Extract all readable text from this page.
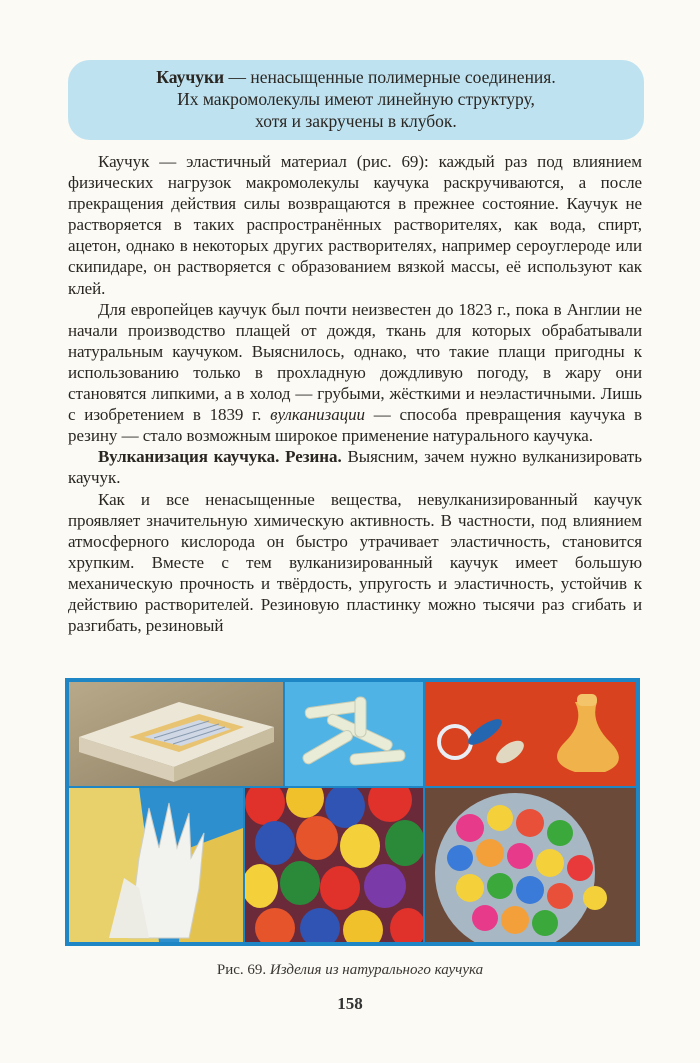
Каучуки — ненасыщенные полимерные соединения.
Их макромолекулы имеют линейную структуру,
хотя и закручены в клубок.

Каучук — эластичный материал (рис. 69): каждый раз под влиянием физических нагрузок макромолекулы каучука раскручиваются, а после прекращения действия силы возвращаются в прежнее состояние. Каучук не растворяется в таких распространённых растворителях, как вода, спирт, ацетон, однако в некоторых других растворителях, например сероуглероде или скипидаре, он растворяется с образованием вязкой массы, её используют как клей.

Для европейцев каучук был почти неизвестен до 1823 г., пока в Англии не начали производство плащей от дождя, ткань для которых обрабатывали натуральным каучуком. Выяснилось, однако, что такие плащи пригодны к использованию только в прохладную дождливую погоду, в жару они становятся липкими, а в холод — грубыми, жёсткими и неэластичными. Лишь с изобретением в 1839 г. вулканизации — способа превращения каучука в резину — стало возможным широкое применение натурального каучука.

Вулканизация каучука. Резина. Выясним, зачем нужно вулканизировать каучук.

Как и все ненасыщенные вещества, невулканизированный каучук проявляет значительную химическую активность. В частности, под влиянием атмосферного кислорода он быстро утрачивает эластичность, становится хрупким. Вместе с тем вулканизированный каучук имеет большую механическую прочность и твёрдость, упругость и эластичность, устойчив к действию растворителей. Резиновую пластинку можно тысячи раз сгибать и разгибать, резиновый

Рис. 69. Изделия из натурального каучука
158
